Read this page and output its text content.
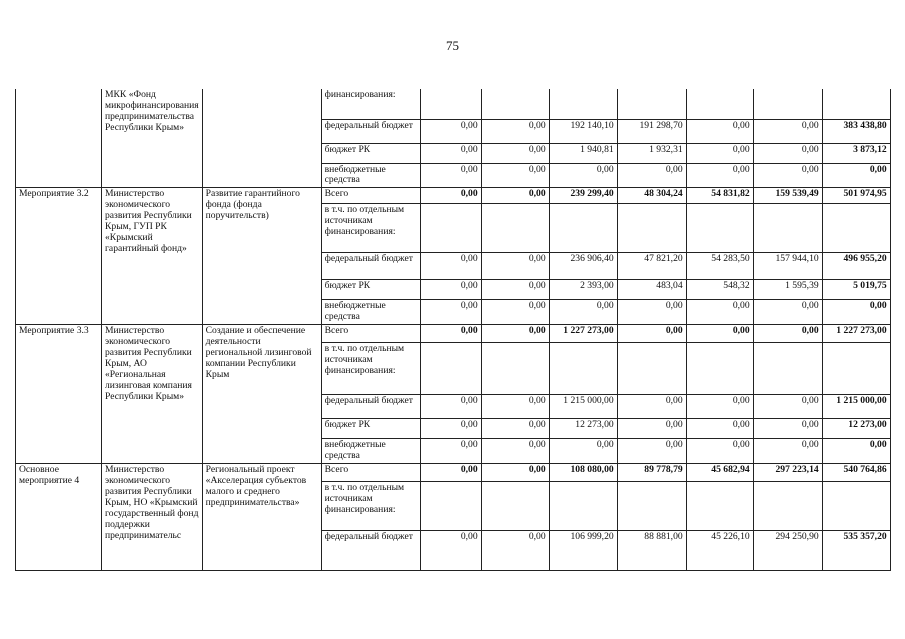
75
	МКК «Фонд микрофинансирования предпринимательства Республики Крым»		финансирования:							
			федеральный бюджет	0,00	0,00	192 140,10	191 298,70	0,00	0,00	383 438,80
			бюджет РК	0,00	0,00	1 940,81	1 932,31	0,00	0,00	3 873,12
			внебюджетные средства	0,00	0,00	0,00	0,00	0,00	0,00	0,00
Мероприятие 3.2	Министерство экономического развития Республики Крым, ГУП РК «Крымский гарантийный фонд»	Развитие гарантийного фонда (фонда поручительств)	Всего	0,00	0,00	239 299,40	48 304,24	54 831,82	159 539,49	501 974,95
			в т.ч. по отдельным источникам финансирования:							
			федеральный бюджет	0,00	0,00	236 906,40	47 821,20	54 283,50	157 944,10	496 955,20
			бюджет РК	0,00	0,00	2 393,00	483,04	548,32	1 595,39	5 019,75
			внебюджетные средства	0,00	0,00	0,00	0,00	0,00	0,00	0,00
Мероприятие 3.3	Министерство экономического развития Республики Крым, АО «Региональная лизинговая компания Республики Крым»	Создание и обеспечение деятельности региональной лизинговой компании Республики Крым	Всего	0,00	0,00	1 227 273,00	0,00	0,00	0,00	1 227 273,00
			в т.ч. по отдельным источникам финансирования:							
			федеральный бюджет	0,00	0,00	1 215 000,00	0,00	0,00	0,00	1 215 000,00
			бюджет РК	0,00	0,00	12 273,00	0,00	0,00	0,00	12 273,00
			внебюджетные средства	0,00	0,00	0,00	0,00	0,00	0,00	0,00
Основное мероприятие 4	Министерство экономического развития Республики Крым, НО «Крымский государственный фонд поддержки предпринимательс	Региональный проект «Акселерация субъектов малого и среднего предпринимательства»	Всего	0,00	0,00	108 080,00	89 778,79	45 682,94	297 223,14	540 764,86
			в т.ч. по отдельным источникам финансирования:							
			федеральный бюджет	0,00	0,00	106 999,20	88 881,00	45 226,10	294 250,90	535 357,20
